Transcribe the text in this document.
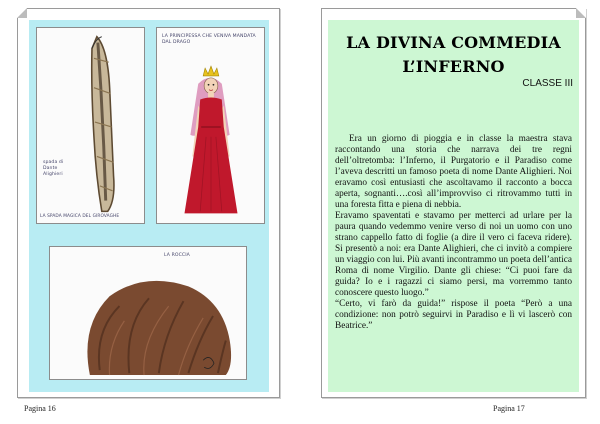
spada di Dante Alighieri
LA SPADA MAGICA DEL GIROVAGHE
LA PRINCIPESSA CHE VENIVA MANDATA DAL DRAGO
LA ROCCIA
Pagina 16
LA DIVINA COMMEDIA
L’INFERNO
CLASSE III

Era un giorno di pioggia e in classe la maestra stava raccontando una storia che narrava dei tre regni dell’oltretomba: l’Inferno, il Purgatorio e il Paradiso come l’aveva descritti un famoso poeta di nome Dante Alighieri. Noi eravamo così entusiasti che ascoltavamo il racconto a bocca aperta, sognanti….così all’improvviso ci ritrovammo tutti in una foresta fitta e piena di nebbia.

Eravamo spaventati e stavamo per metterci ad urlare per la paura quando vedemmo venire verso di noi un uomo con uno strano cappello fatto di foglie (a dire il vero ci faceva ridere). Si presentò a noi: era Dante Alighieri, che ci invitò a compiere un viaggio con lui. Più avanti incontrammo un poeta dell’antica Roma di nome Virgilio. Dante gli chiese: “Ci puoi fare da guida? Io e i ragazzi ci siamo persi, ma vorremmo tanto conoscere questo luogo.”

“Certo, vi farò da guida!” rispose il poeta “Però a una condizione: non potrò seguirvi in Paradiso e lì vi lascerò con Beatrice.”

Pagina 17
